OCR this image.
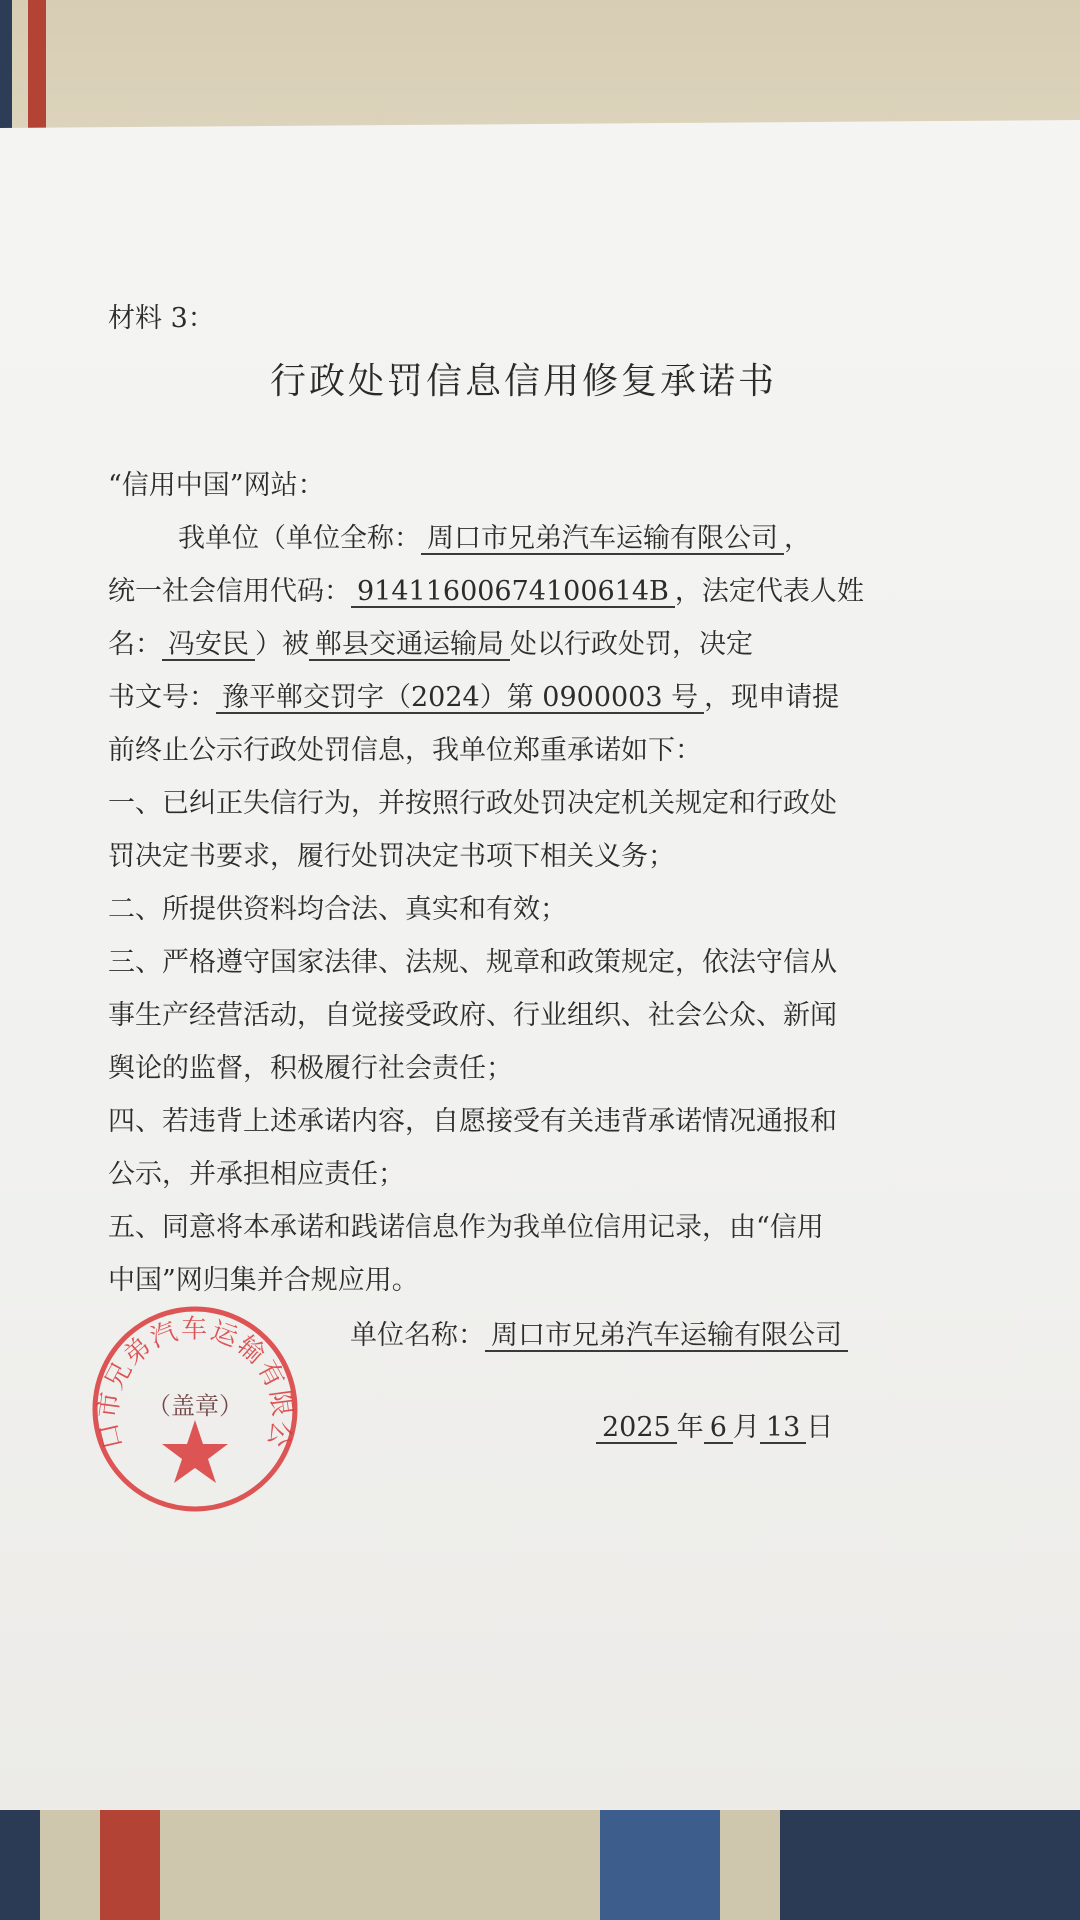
材料 3：
行政处罚信息信用修复承诺书
“信用中国”网站：
我单位（单位全称： 周口市兄弟汽车运输有限公司 ，
统一社会信用代码： 91411600674100614B ，法定代表人姓
名： 冯安民 ）被 郸县交通运输局 处以行政处罚，决定
书文号： 豫平郸交罚字（2024）第 0900003 号 ，现申请提
前终止公示行政处罚信息，我单位郑重承诺如下：
一、已纠正失信行为，并按照行政处罚决定机关规定和行政处
罚决定书要求，履行处罚决定书项下相关义务；
二、所提供资料均合法、真实和有效；
三、严格遵守国家法律、法规、规章和政策规定，依法守信从
事生产经营活动，自觉接受政府、行业组织、社会公众、新闻
舆论的监督，积极履行社会责任；
四、若违背上述承诺内容，自愿接受有关违背承诺情况通报和
公示，并承担相应责任；
五、同意将本承诺和践诺信息作为我单位信用记录，由“信用
中国”网归集并合规应用。
单位名称： 周口市兄弟汽车运输有限公司
2025 年 6 月 13 日
口市兄弟汽车运输有限公
（盖章）
